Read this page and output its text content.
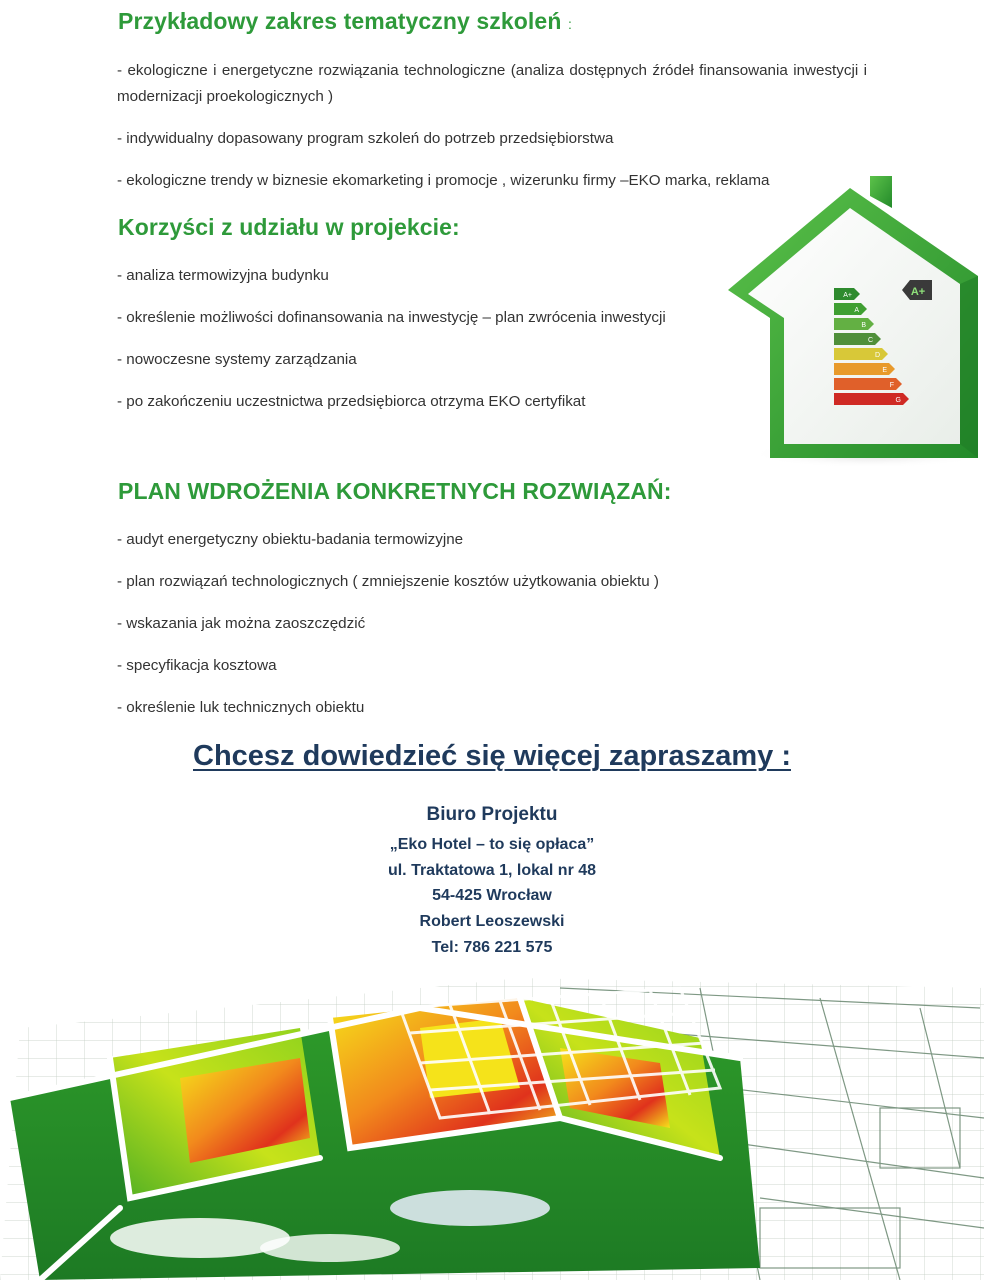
Przykładowy zakres tematyczny szkoleń :

- ekologiczne i energetyczne rozwiązania technologiczne (analiza dostępnych źródeł finansowania inwestycji i modernizacji proekologicznych )

- indywidualny dopasowany program szkoleń do potrzeb przedsiębiorstwa

- ekologiczne trendy w biznesie ekomarketing i promocje , wizerunku firmy –EKO marka, reklama

Korzyści z udziału w projekcie:

- analiza termowizyjna budynku

- określenie możliwości dofinansowania na inwestycję – plan zwrócenia inwestycji

- nowoczesne systemy zarządzania

- po zakończeniu uczestnictwa przedsiębiorca otrzyma EKO certyfikat

A+
A
B
C
D
E
F
G
A+
PLAN WDROŻENIA KONKRETNYCH ROZWIĄZAŃ:

- audyt energetyczny obiektu-badania termowizyjne

- plan rozwiązań technologicznych ( zmniejszenie kosztów użytkowania obiektu )

- wskazania jak można zaoszczędzić

- specyfikacja kosztowa

- określenie luk technicznych obiektu

Chcesz dowiedzieć się więcej zapraszamy :

Biuro Projektu

„Eko Hotel – to się opłaca”

ul. Traktatowa 1, lokal nr 48

54-425 Wrocław

Robert Leoszewski

Tel: 786 221 575
